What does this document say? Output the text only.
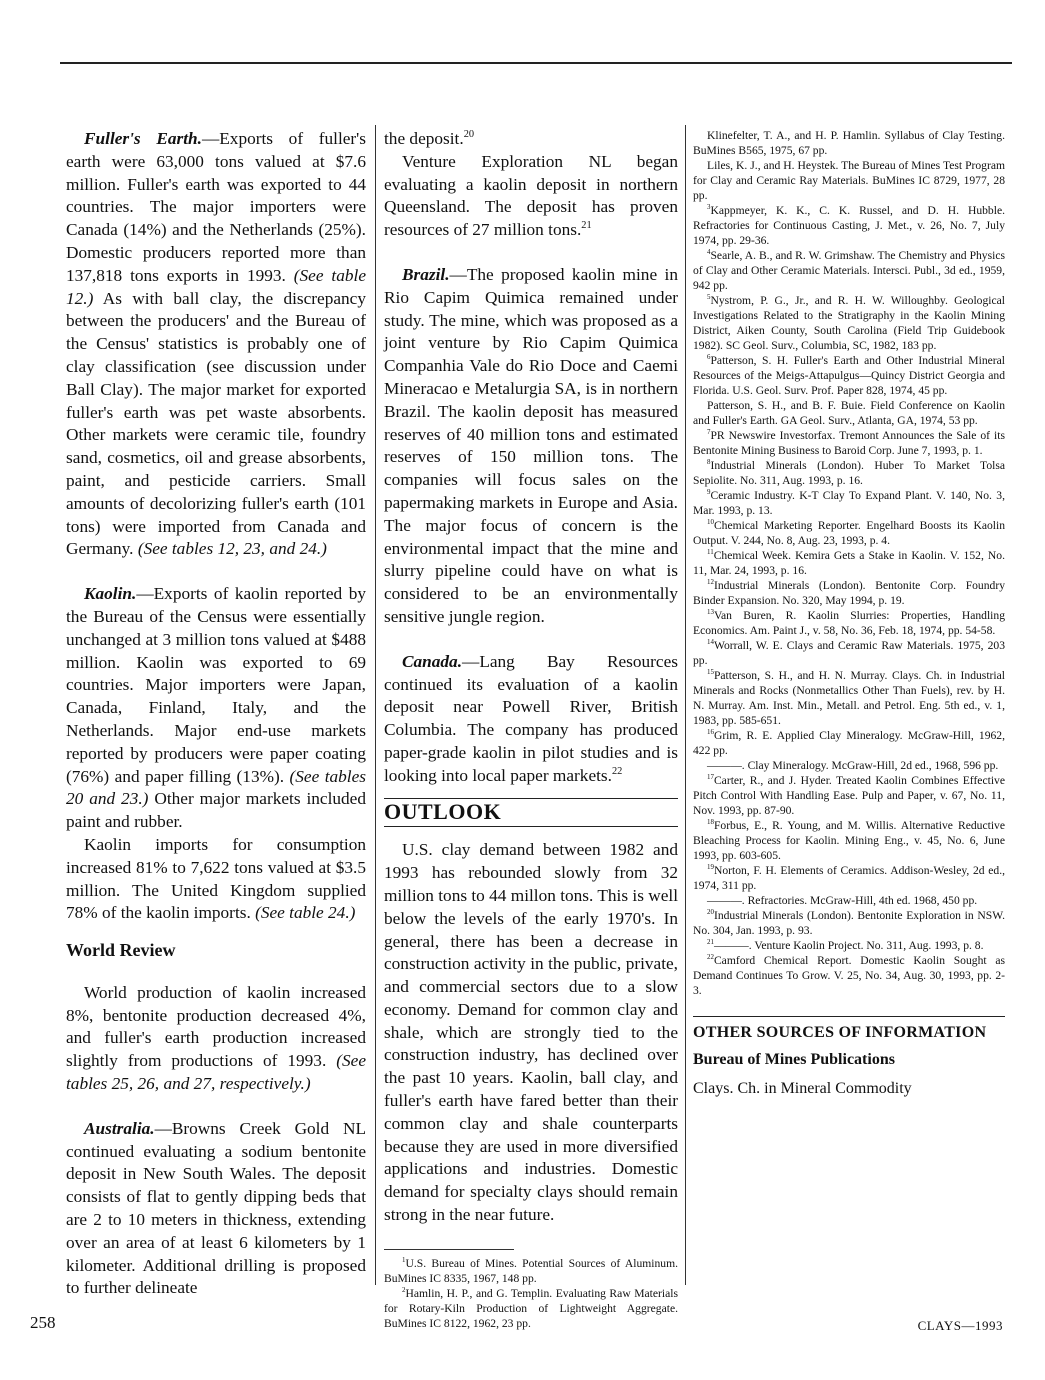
Fuller's Earth.—Exports of fuller's earth were 63,000 tons valued at $7.6 million. Fuller's earth was exported to 44 countries. The major importers were Canada (14%) and the Netherlands (25%). Domestic producers reported more than 137,818 tons exports in 1993. (See table 12.) As with ball clay, the discrepancy between the producers' and the Bureau of the Census' statistics is probably one of clay classification (see discussion under Ball Clay). The major market for exported fuller's earth was pet waste absorbents. Other markets were ceramic tile, foundry sand, cosmetics, oil and grease absorbents, paint, and pesticide carriers. Small amounts of decolorizing fuller's earth (101 tons) were imported from Canada and Germany. (See tables 12, 23, and 24.)

Kaolin.—Exports of kaolin reported by the Bureau of the Census were essentially unchanged at 3 million tons valued at $488 million. Kaolin was exported to 69 countries. Major importers were Japan, Canada, Finland, Italy, and the Netherlands. Major end-use markets reported by producers were paper coating (76%) and paper filling (13%). (See tables 20 and 23.) Other major markets included paint and rubber.

Kaolin imports for consumption increased 81% to 7,622 tons valued at $3.5 million. The United Kingdom supplied 78% of the kaolin imports. (See table 24.)

World Review

World production of kaolin increased 8%, bentonite production decreased 4%, and fuller's earth production increased slightly from productions of 1993. (See tables 25, 26, and 27, respectively.)

Australia.—Browns Creek Gold NL continued evaluating a sodium bentonite deposit in New South Wales. The deposit consists of flat to gently dipping beds that are 2 to 10 meters in thickness, extending over an area of at least 6 kilometers by 1 kilometer. Additional drilling is proposed to further delineate

the deposit.$^{20}$

Venture Exploration NL began evaluating a kaolin deposit in northern Queensland. The deposit has proven resources of 27 million tons.$^{21}$

Brazil.—The proposed kaolin mine in Rio Capim Quimica remained under study. The mine, which was proposed as a joint venture by Rio Capim Quimica Companhia Vale do Rio Doce and Caemi Mineracao e Metalurgia SA, is in northern Brazil. The kaolin deposit has measured reserves of 40 million tons and estimated reserves of 150 million tons. The companies will focus sales on the papermaking markets in Europe and Asia. The major focus of concern is the environmental impact that the mine and slurry pipeline could have on what is considered to be an environmentally sensitive jungle region.

Canada.—Lang Bay Resources continued its evaluation of a kaolin deposit near Powell River, British Columbia. The company has produced paper-grade kaolin in pilot studies and is looking into local paper markets.$^{22}$

OUTLOOK

U.S. clay demand between 1982 and 1993 has rebounded slowly from 32 million tons to 44 millon tons. This is well below the levels of the early 1970's. In general, there has been a decrease in construction activity in the public, private, and commercial sectors due to a slow economy. Demand for common clay and shale, which are strongly tied to the construction industry, has declined over the past 10 years. Kaolin, ball clay, and fuller's earth have fared better than their common clay and shale counterparts because they are used in more diversified applications and industries. Domestic demand for specialty clays should remain strong in the near future.

$^1$U.S. Bureau of Mines. Potential Sources of Aluminum. BuMines IC 8335, 1967, 148 pp.

$^2$Hamlin, H. P., and G. Templin. Evaluating Raw Materials for Rotary-Kiln Production of Lightweight Aggregate. BuMines IC 8122, 1962, 23 pp.

Klinefelter, T. A., and H. P. Hamlin. Syllabus of Clay Testing. BuMines B565, 1975, 67 pp.

Liles, K. J., and H. Heystek. The Bureau of Mines Test Program for Clay and Ceramic Ray Materials. BuMines IC 8729, 1977, 28 pp.

$^3$Kappmeyer, K. K., C. K. Russel, and D. H. Hubble. Refractories for Continuous Casting, J. Met., v. 26, No. 7, July 1974, pp. 29-36.

$^4$Searle, A. B., and R. W. Grimshaw. The Chemistry and Physics of Clay and Other Ceramic Materials. Intersci. Publ., 3d ed., 1959, 942 pp.

$^5$Nystrom, P. G., Jr., and R. H. W. Willoughby. Geological Investigations Related to the Stratigraphy in the Kaolin Mining District, Aiken County, South Carolina (Field Trip Guidebook 1982). SC Geol. Surv., Columbia, SC, 1982, 183 pp.

$^6$Patterson, S. H. Fuller's Earth and Other Industrial Mineral Resources of the Meigs-Attapulgus—Quincy District Georgia and Florida. U.S. Geol. Surv. Prof. Paper 828, 1974, 45 pp.

Patterson, S. H., and B. F. Buie. Field Conference on Kaolin and Fuller's Earth. GA Geol. Surv., Atlanta, GA, 1974, 53 pp.

$^7$PR Newswire Investorfax. Tremont Announces the Sale of its Bentonite Mining Business to Baroid Corp. June 7, 1993, p. 1.

$^8$Industrial Minerals (London). Huber To Market Tolsa Sepiolite. No. 311, Aug. 1993, p. 16.

$^9$Ceramic Industry. K-T Clay To Expand Plant. V. 140, No. 3, Mar. 1993, p. 13.

$^{10}$Chemical Marketing Reporter. Engelhard Boosts its Kaolin Output. V. 244, No. 8, Aug. 23, 1993, p. 4.

$^{11}$Chemical Week. Kemira Gets a Stake in Kaolin. V. 152, No. 11, Mar. 24, 1993, p. 16.

$^{12}$Industrial Minerals (London). Bentonite Corp. Foundry Binder Expansion. No. 320, May 1994, p. 19.

$^{13}$Van Buren, R. Kaolin Slurries: Properties, Handling Economics. Am. Paint J., v. 58, No. 36, Feb. 18, 1974, pp. 54-58.

$^{14}$Worrall, W. E. Clays and Ceramic Raw Materials. 1975, 203 pp.

$^{15}$Patterson, S. H., and H. N. Murray. Clays. Ch. in Industrial Minerals and Rocks (Nonmetallics Other Than Fuels), rev. by H. N. Murray. Am. Inst. Min., Metall. and Petrol. Eng. 5th ed., v. 1, 1983, pp. 585-651.

$^{16}$Grim, R. E. Applied Clay Mineralogy. McGraw-Hill, 1962, 422 pp.

———. Clay Mineralogy. McGraw-Hill, 2d ed., 1968, 596 pp.

$^{17}$Carter, R., and J. Hyder. Treated Kaolin Combines Effective Pitch Control With Handling Ease. Pulp and Paper, v. 67, No. 11, Nov. 1993, pp. 87-90.

$^{18}$Forbus, E., R. Young, and M. Willis. Alternative Reductive Bleaching Process for Kaolin. Mining Eng., v. 45, No. 6, June 1993, pp. 603-605.

$^{19}$Norton, F. H. Elements of Ceramics. Addison-Wesley, 2d ed., 1974, 311 pp.

———. Refractories. McGraw-Hill, 4th ed. 1968, 450 pp.

$^{20}$Industrial Minerals (London). Bentonite Exploration in NSW. No. 304, Jan. 1993, p. 93.

$^{21}$———. Venture Kaolin Project. No. 311, Aug. 1993, p. 8.

$^{22}$Camford Chemical Report. Domestic Kaolin Sought as Demand Continues To Grow. V. 25, No. 34, Aug. 30, 1993, pp. 2-3.

OTHER SOURCES OF INFORMATION
Bureau of Mines Publications
Clays. Ch. in Mineral Commodity
258	CLAYS—1993
